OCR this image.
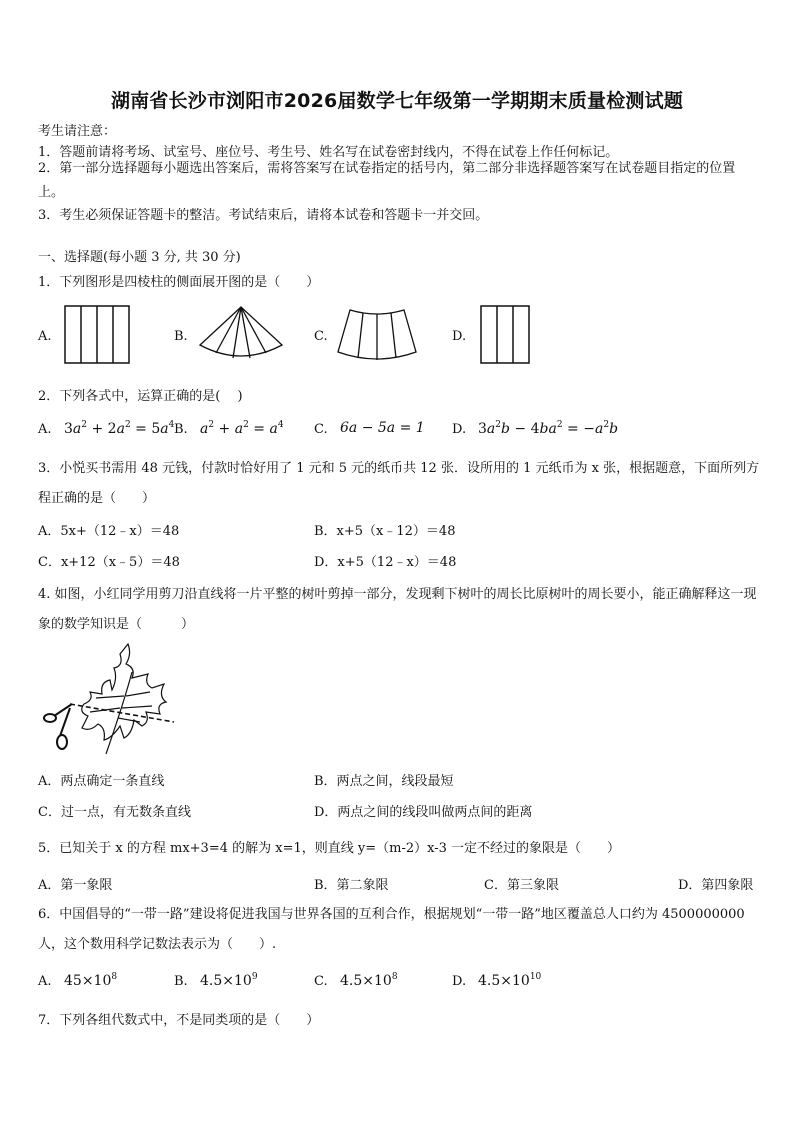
湖南省长沙市浏阳市2026届数学七年级第一学期期末质量检测试题
考生请注意：
1．答题前请将考场、试室号、座位号、考生号、姓名写在试卷密封线内，不得在试卷上作任何标记。
2．第一部分选择题每小题选出答案后，需将答案写在试卷指定的括号内，第二部分非选择题答案写在试卷题目指定的位置上。
3．考生必须保证答题卡的整洁。考试结束后，请将本试卷和答题卡一并交回。
一、选择题(每小题 3 分, 共 30 分)
1．下列图形是四棱柱的侧面展开图的是（　　）
A.	B.	C.	D.
2．下列各式中，运算正确的是(　 )
A. $3a^2 + 2a^2 = 5a^4$ B. $a^2 + a^2 = a^4$ C. 6a − 5a = 1 D. $3a^2b - 4ba^2 = -a^2b$
3．小悦买书需用 48 元钱，付款时恰好用了 1 元和 5 元的纸币共 12 张．设所用的 1 元纸币为 x 张，根据题意，下面所列方程正确的是（　　）
A．5x+（12﹣x）＝48	B．x+5（x﹣12）＝48
C．x+12（x﹣5）＝48	D．x+5（12﹣x）＝48
4. 如图，小红同学用剪刀沿直线将一片平整的树叶剪掉一部分，发现剩下树叶的周长比原树叶的周长要小，能正确解释这一现象的数学知识是（　　　）
A．两点确定一条直线	B．两点之间，线段最短
C．过一点，有无数条直线	D．两点之间的线段叫做两点间的距离
5．已知关于 x 的方程 mx+3=4 的解为 x=1，则直线 y=（m-2）x-3 一定不经过的象限是（　　）
A．第一象限	B．第二象限	C．第三象限	D．第四象限
6．中国倡导的“一带一路”建设将促进我国与世界各国的互利合作，根据规划“一带一路”地区覆盖总人口约为 4500000000 人，这个数用科学记数法表示为（　　）.
A. $45\times 10^8$	B. $4.5\times 10^9$	C. $4.5\times 10^8$	D. $4.5\times 10^{10}$
7．下列各组代数式中，不是同类项的是（　　）
